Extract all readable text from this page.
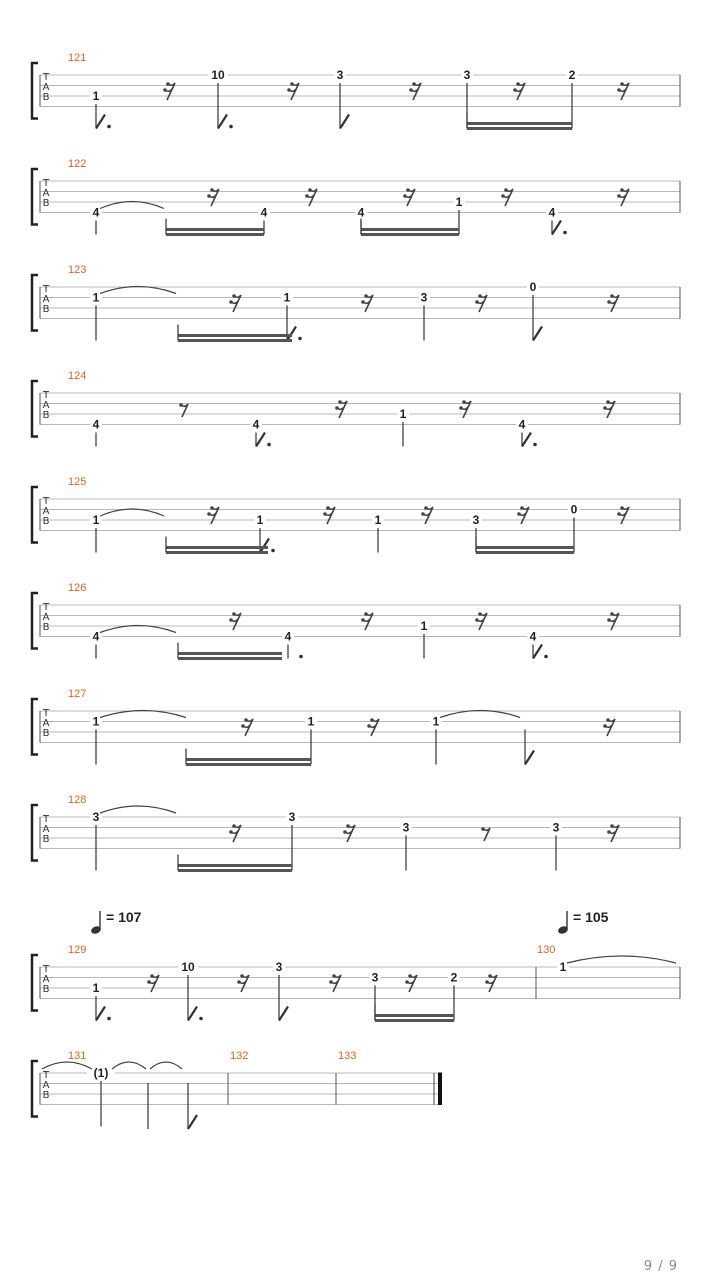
T
A
B
121
1
10	3	3	2
T
A
B
122
4	4	4
1
4
T
A
B
123
1	1	3
0
T
A
B
124
4	4
1
4
T
A
B
125
1	1	1	3
0
T
A
B
126
4	4
1
4
T
A
B
127
1	1	1
T
A
B
128
3	3
3	3
T
A
B
129	130
1
10	3
3	2
1
T
A
B
131	132	133
(1)
= 107	= 105
9 / 9
